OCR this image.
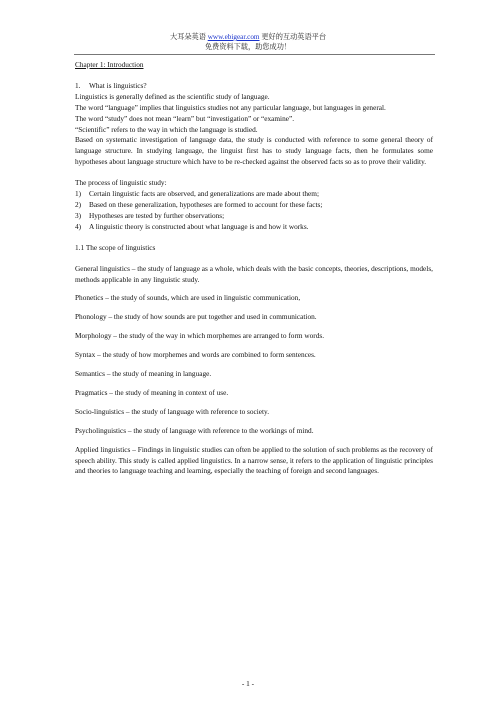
大耳朵英语 www.ebigear.com 更好的互动英语平台
免费资料下载，助您成功！

Chapter 1: Introduction

1.	What is linguistics?

Linguistics is generally defined as the scientific study of language.

The word “language” implies that linguistics studies not any particular language, but languages in general.

The word “study” does not mean “learn” but “investigation” or “examine”.

“Scientific” refers to the way in which the language is studied.

Based on systematic investigation of language data, the study is conducted with reference to some general theory of language structure. In studying language, the linguist first has to study language facts, then he formulates some hypotheses about language structure which have to be re-checked against the observed facts so as to prove their validity.

The process of linguistic study:

1)	Certain linguistic facts are observed, and generalizations are made about them;
2)	Based on these generalization, hypotheses are formed to account for these facts;
3)	Hypotheses are tested by further observations;
4)	A linguistic theory is constructed about what language is and how it works.

1.1 The scope of linguistics

General linguistics – the study of language as a whole, which deals with the basic concepts, theories, descriptions, models, methods applicable in any linguistic study.

Phonetics – the study of sounds, which are used in linguistic communication,

Phonology – the study of how sounds are put together and used in communication.

Morphology – the study of the way in which morphemes are arranged to form words.

Syntax – the study of how morphemes and words are combined to form sentences.

Semantics – the study of meaning in language.

Pragmatics – the study of meaning in context of use.

Socio-linguistics – the study of language with reference to society.

Psycholinguistics – the study of language with reference to the workings of mind.

Applied linguistics – Findings in linguistic studies can often be applied to the solution of such problems as the recovery of speech ability. This study is called applied linguistics. In a narrow sense, it refers to the application of linguistic principles and theories to language teaching and learning, especially the teaching of foreign and second languages.

- 1 -
